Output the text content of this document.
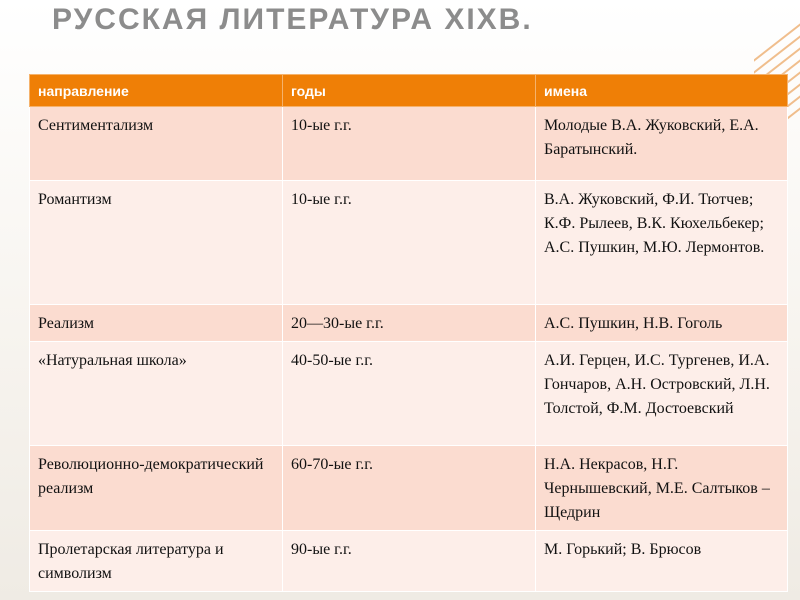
РУССКАЯ ЛИТЕРАТУРА XIXВ.
направление	годы	имена
Сентиментализм	10-ые г.г.	Молодые В.А. Жуковский, Е.А. Баратынский.
Романтизм	10-ые г.г.	В.А. Жуковский, Ф.И. Тютчев; К.Ф. Рылеев, В.К. Кюхельбекер; А.С. Пушкин, М.Ю. Лермонтов.
Реализм	20—30-ые г.г.	А.С. Пушкин, Н.В. Гоголь
«Натуральная школа»	40-50-ые г.г.	А.И. Герцен, И.С. Тургенев, И.А. Гончаров, А.Н. Островский, Л.Н. Толстой, Ф.М. Достоевский
Революционно-демократический реализм	60-70-ые г.г.	Н.А. Некрасов, Н.Г. Чернышевский, М.Е. Салтыков –Щедрин
Пролетарская литература и символизм	90-ые г.г.	М. Горький; В. Брюсов
